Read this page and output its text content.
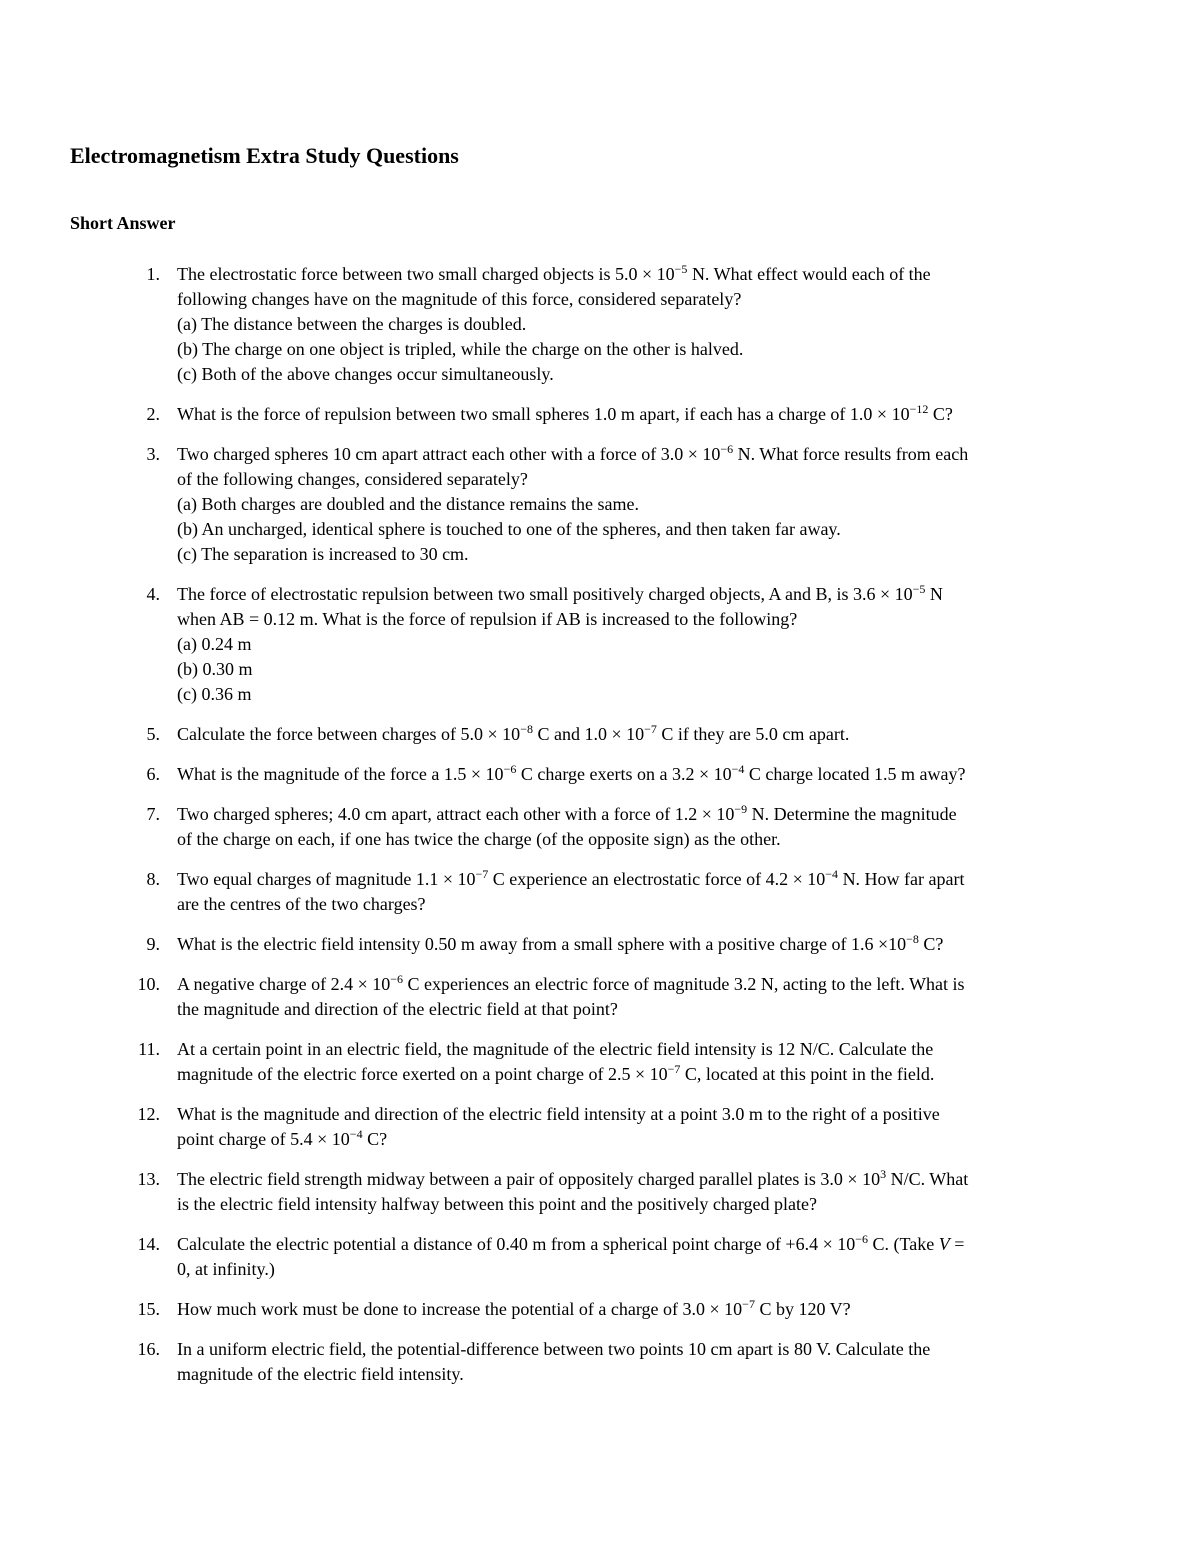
Electromagnetism Extra Study Questions
Short Answer
1. The electrostatic force between two small charged objects is $5.0 \times 10^{-5}$ N. What effect would each of the
following changes have on the magnitude of this force, considered separately?
(a) The distance between the charges is doubled.
(b) The charge on one object is tripled, while the charge on the other is halved.
(c) Both of the above changes occur simultaneously.
2. What is the force of repulsion between two small spheres 1.0 m apart, if each has a charge of $1.0 \times 10^{-12}$ C?
3. Two charged spheres 10 cm apart attract each other with a force of $3.0 \times 10^{-6}$ N. What force results from each
of the following changes, considered separately?
(a) Both charges are doubled and the distance remains the same.
(b) An uncharged, identical sphere is touched to one of the spheres, and then taken far away.
(c) The separation is increased to 30 cm.
4. The force of electrostatic repulsion between two small positively charged objects, A and B, is $3.6 \times 10^{-5}$ N
when AB = 0.12 m. What is the force of repulsion if AB is increased to the following?
(a) 0.24 m
(b) 0.30 m
(c) 0.36 m
5. Calculate the force between charges of $5.0 \times 10^{-8}$ C and $1.0 \times 10^{-7}$ C if they are 5.0 cm apart.
6. What is the magnitude of the force a $1.5 \times 10^{-6}$ C charge exerts on a $3.2 \times 10^{-4}$ C charge located 1.5 m away?
7. Two charged spheres; 4.0 cm apart, attract each other with a force of $1.2 \times 10^{-9}$ N. Determine the magnitude
of the charge on each, if one has twice the charge (of the opposite sign) as the other.
8. Two equal charges of magnitude $1.1 \times 10^{-7}$ C experience an electrostatic force of $4.2 \times 10^{-4}$ N. How far apart
are the centres of the two charges?
9. What is the electric field intensity 0.50 m away from a small sphere with a positive charge of $1.6 \times 10^{-8}$ C?
10. A negative charge of $2.4 \times 10^{-6}$ C experiences an electric force of magnitude 3.2 N, acting to the left. What is
the magnitude and direction of the electric field at that point?
11. At a certain point in an electric field, the magnitude of the electric field intensity is 12 N/C. Calculate the
magnitude of the electric force exerted on a point charge of $2.5 \times 10^{-7}$ C, located at this point in the field.
12. What is the magnitude and direction of the electric field intensity at a point 3.0 m to the right of a positive
point charge of $5.4 \times 10^{-4}$ C?
13. The electric field strength midway between a pair of oppositely charged parallel plates is $3.0 \times 10^3$ N/C. What
is the electric field intensity halfway between this point and the positively charged plate?
14. Calculate the electric potential a distance of 0.40 m from a spherical point charge of $+6.4 \times 10^{-6}$ C. (Take V =
0, at infinity.)
15. How much work must be done to increase the potential of a charge of $3.0 \times 10^{-7}$ C by 120 V?
16. In a uniform electric field, the potential-difference between two points 10 cm apart is 80 V. Calculate the
magnitude of the electric field intensity.
